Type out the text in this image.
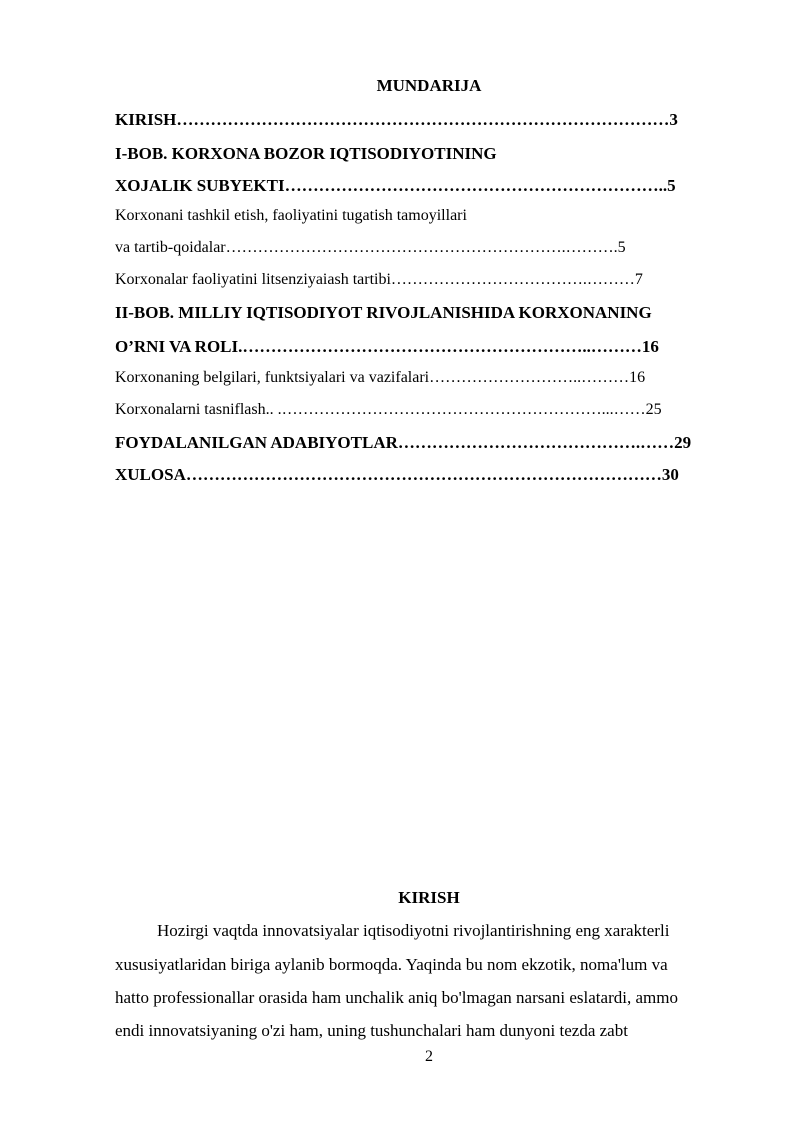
MUNDARIJA
KIRISH……………………………………………………………………………3
I-BOB. KORXONA BOZOR IQTISODIYOTINING
XOJALIK SUBYEKTI…………………………………………………………..5
Korxonani tashkil etish, faoliyatini tugatish tamoyillari
va tartib-qoidalar……………………………………………………….……….5
Korxonalar faoliyatini litsenziyaiash tartibi……………………………….………7
II-BOB. MILLIY IQTISODIYOT RIVOJLANISHIDA KORXONANING
O’RNI VA ROLI.……………………………………………………..………16
Korxonaning belgilari, funktsiyalari va vazifalari………………………..………16
Korxonalarni tasniflash.. .……………………………………………………...……25
FOYDALANILGAN ADABIYOTLAR…………………………………….……29
XULOSA…………………………………………………………………………30
KIRISH
Hozirgi vaqtda innovatsiyalar iqtisodiyotni rivojlantirishning eng xarakterli
xususiyatlaridan biriga aylanib bormoqda. Yaqinda bu nom ekzotik, noma'lum va
hatto professionallar orasida ham unchalik aniq bo'lmagan narsani eslatardi, ammo
endi innovatsiyaning o'zi ham, uning tushunchalari ham dunyoni tezda zabt
2
